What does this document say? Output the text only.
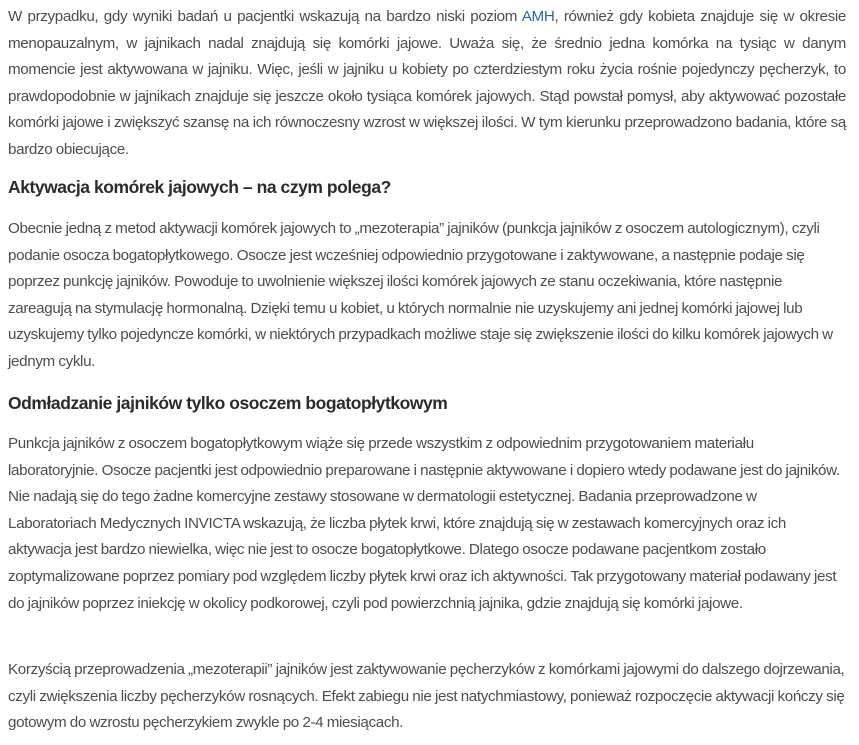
W przypadku, gdy wyniki badań u pacjentki wskazują na bardzo niski poziom AMH, również gdy kobieta znajduje się w okresie menopauzalnym, w jajnikach nadal znajdują się komórki jajowe. Uważa się, że średnio jedna komórka na tysiąc w danym momencie jest aktywowana w jajniku. Więc, jeśli w jajniku u kobiety po czterdziestym roku życia rośnie pojedynczy pęcherzyk, to prawdopodobnie w jajnikach znajduje się jeszcze około tysiąca komórek jajowych. Stąd powstał pomysł, aby aktywować pozostałe komórki jajowe i zwiększyć szansę na ich równoczesny wzrost w większej ilości. W tym kierunku przeprowadzono badania, które są bardzo obiecujące.

Aktywacja komórek jajowych – na czym polega?

Obecnie jedną z metod aktywacji komórek jajowych to „mezoterapia” jajników (punkcja jajników z osoczem autologicznym), czyli podanie osocza bogatopłytkowego. Osocze jest wcześniej odpowiednio przygotowane i zaktywowane, a następnie podaje się poprzez punkcję jajników. Powoduje to uwolnienie większej ilości komórek jajowych ze stanu oczekiwania, które następnie zareagują na stymulację hormonalną. Dzięki temu u kobiet, u których normalnie nie uzyskujemy ani jednej komórki jajowej lub uzyskujemy tylko pojedyncze komórki, w niektórych przypadkach możliwe staje się zwiększenie ilości do kilku komórek jajowych w jednym cyklu.

Odmładzanie jajników tylko osoczem bogatopłytkowym

Punkcja jajników z osoczem bogatopłytkowym wiąże się przede wszystkim z odpowiednim przygotowaniem materiału laboratoryjnie. Osocze pacjentki jest odpowiednio preparowane i następnie aktywowane i dopiero wtedy podawane jest do jajników. Nie nadają się do tego żadne komercyjne zestawy stosowane w dermatologii estetycznej. Badania przeprowadzone w Laboratoriach Medycznych INVICTA wskazują, że liczba płytek krwi, które znajdują się w zestawach komercyjnych oraz ich aktywacja jest bardzo niewielka, więc nie jest to osocze bogatopłytkowe. Dlatego osocze podawane pacjentkom zostało zoptymalizowane poprzez pomiary pod względem liczby płytek krwi oraz ich aktywności. Tak przygotowany materiał podawany jest do jajników poprzez iniekcję w okolicy podkorowej, czyli pod powierzchnią jajnika, gdzie znajdują się komórki jajowe.

Korzyścią przeprowadzenia „mezoterapii” jajników jest zaktywowanie pęcherzyków z komórkami jajowymi do dalszego dojrzewania, czyli zwiększenia liczby pęcherzyków rosnących. Efekt zabiegu nie jest natychmiastowy, ponieważ rozpoczęcie aktywacji kończy się gotowym do wzrostu pęcherzykiem zwykle po 2-4 miesiącach.
